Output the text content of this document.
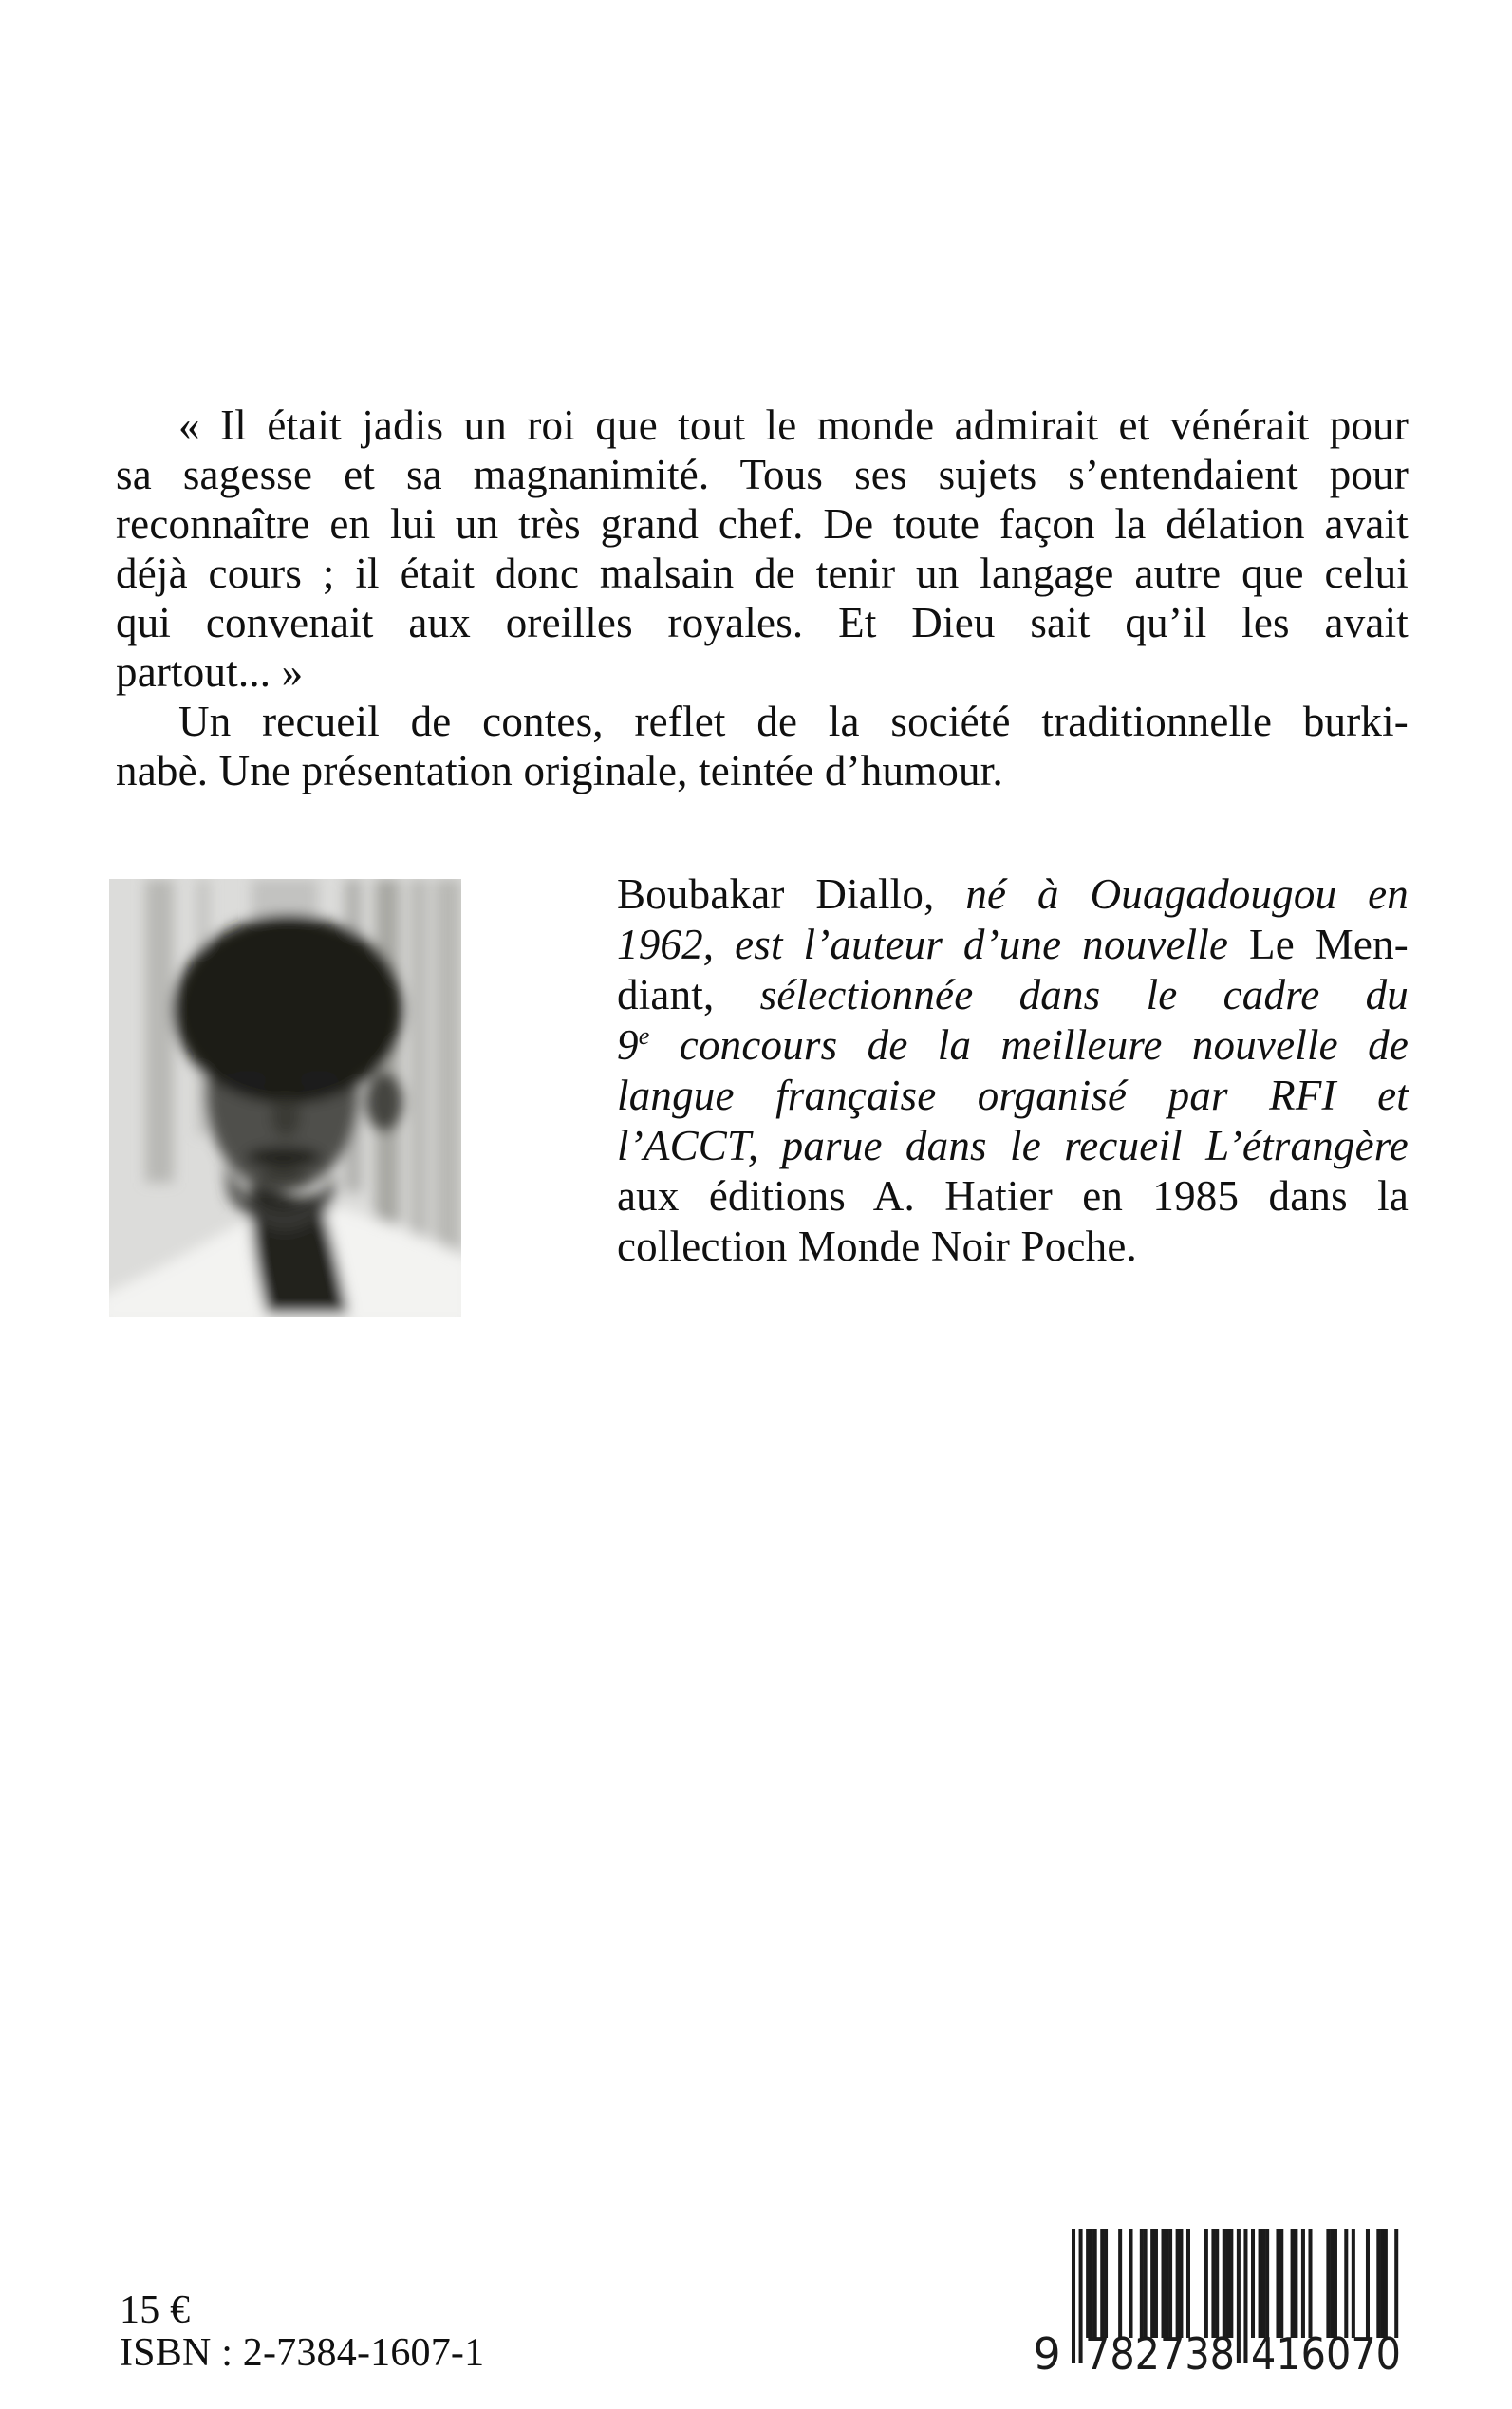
« Il était jadis un roi que tout le monde admirait et vénérait pour
sa sagesse et sa magnanimité. Tous ses sujets s’entendaient pour
reconnaître en lui un très grand chef. De toute façon la délation avait
déjà cours ; il était donc malsain de tenir un langage autre que celui
qui convenait aux oreilles royales. Et Dieu sait qu’il les avait
partout... »
Un recueil de contes, reflet de la société traditionnelle burki-
nabè. Une présentation originale, teintée d’humour.
Boubakar Diallo, né à Ouagadougou en
1962, est l’auteur d’une nouvelle Le Men-
diant, sélectionnée dans le cadre du
9e concours de la meilleure nouvelle de
langue française organisé par RFI et
l’ACCT, parue dans le recueil L’étrangère
aux éditions A. Hatier en 1985 dans la
collection Monde Noir Poche.
15 €
ISBN : 2-7384-1607-1	9 782738 416070
